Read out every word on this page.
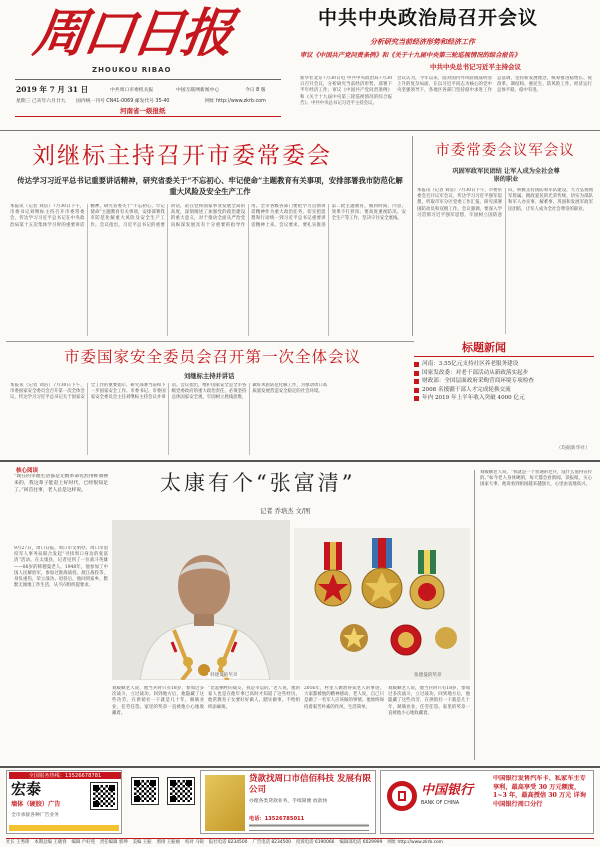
周口日报
ZHOUKOU RIBAO
2019 年 7 月 31 日	中共周口市委机关报	中国互联网新闻中心	今日 8 版
星期三 己亥年六月廿九 国内统一刊号 CN41-0069 邮发代号 35-40	网址 http://www.zkrb.com
河南省一级报纸
中共中央政治局召开会议
分析研究当前经济形势和经济工作
审议《中国共产党问责条例》和《关于十九届中央第三轮巡视情况的综合报告》
中共中央总书记习近平主持会议
新华社北京7月30日电 中共中央政治局7月30日召开会议，分析研究当前经济形势，部署下半年经济工作；审议《中国共产党问责条例》和《关于十九届中央第三轮巡视情况的综合报告》。中共中央总书记习近平主持会议。
会议认为，今年以来，面对国内外风险挑战明显上升的复杂局面，在以习近平同志为核心的党中央坚强领导下，各地区各部门坚持稳中求进工作总基调，坚持新发展理念，统筹推进稳增长、促改革、调结构、惠民生、防风险工作，经济运行总体平稳、稳中有进。
刘继标主持召开市委常委会
传达学习习近平总书记重要讲话精神，研究省委关于“不忘初心、牢记使命”主题教育有关事项，安排部署我市防范化解重大风险及安全生产工作
本报讯（记者 刘洁）7月30日下午，市委书记刘继标主持召开市委常委会，传达学习习近平总书记在中央政治局第十五次集体学习时的重要讲话精神，研究省委关于“不忘初心、牢记使命”主题教育有关事项，安排部署我市防范化解重大风险及安全生产工作。会议指出，习近平总书记的重要讲话，站在党和国家事业发展全局的高度，深刻阐述了加强党的政治建设的重大意义，对于推动全面从严治党向纵深发展具有十分重要的指导作用。全市各级各部门要把学习贯彻讲话精神作为重大政治任务，切实把思想和行动统一到习近平总书记重要讲话精神上来。会议要求，要扎实推进第二批主题教育，做到时间、内容、效果不打折扣；要高度重视防汛、安全生产等工作，坚决守住安全底线。
市委常委会议军会议
巩固军政军民团结 让军人成为全社会尊崇的职业
本报讯（记者 刘洁）7月30日下午，市委常委会召开议军会议，传达学习习近平强军思想，听取市军分区党委工作汇报，研究部署国防动员和双拥工作。会议强调，要深入学习贯彻习近平强军思想，牢固树立国防意识，积极支持国防和军队建设，大力弘扬拥军优属、拥政爱民的光荣传统，切实为部队和军人办实事、解难事，巩固和发展军政军民团结，让军人成为全社会尊崇的职业。
市委国家安全委员会召开第一次全体会议
刘继标主持并讲话
本报讯（记者 刘洁）7月30日下午，市委国家安全委员会召开第一次全体会议，传达学习习近平总书记关于国家安全工作的重要指示，研究部署当前和下一步国家安全工作。市委书记、市委国家安全委员会主任刘继标主持会议并讲话。会议指出，维护国家安全是全市各级党委政府的重大政治责任，必须坚持总体国家安全观，牢固树立底线思维，做好风险防范化解工作，为推动周口高质量发展营造安全稳定的社会环境。
标题新闻
河南：3.55亿元支持社区养老服务建设
国家发改委：对老干部活动从新政落实起步
财政部：全国层面政府采购营商环境专项检查
2008 名援疆干部人才完成轮换交流
年内 2019 年上半年收入突破 4000 亿元
（均据新华社）
核心阅读
“现在的幸福生活都是无数革命先烈用鲜血换来的，我这辈子能赶上好时代，已经很知足了。”回首往事，老人总是这样说。
9月27日，周口日报、周口市文明办、周口市退役军人事务局联合发起“寻找周口身边的张富清”活动。在太康县，记者见到了一位战斗英雄——86岁的韩德曼老人。1948年，他参加了中国人民解放军，参加过淮海战役、渡江战役等，身负重伤，荣立战功。退役后，他回到家乡，默默无闻地工作生活，从不向组织提要求。
太康有个“张富清”
记者 乔培杰 文/图
韩德曼的奖章	张德曼的奖章
刘殿顺老人说，他当兵时只有18岁，参加过多次战斗，立过战功。回到地方后，他隐藏了这些功劳，在供销社一干就是几十年，兢兢业业，任劳任怨。家里的奖章一直被他小心地收藏着。
“比起牺牲的战友，我是幸运的。”老人说，他的家人也是在他年事已高时才知道了这些经历。他常教育子女要好好做人、踏实做事，不给组织添麻烦。
2016年，村里人偶然得知老人的事迹，大家都被他的精神感动。老人说，自己只是做了一名军人应该做的事情。他始终保持着艰苦朴素的作风，生活简单。
刘殿顺老人说，他当兵时只有18岁，参加过多次战斗，立过战功。回到地方后，他隐藏了这些功劳，在供销社一干就是几十年，兢兢业业，任劳任怨。家里的奖章一直被他小心地收藏着。
刘殿顺老人说，“我就是一个普通的老兵，没什么值得宣传的。”如今老人身体硬朗，每天都会看新闻、读报纸，关心国家大事，他说看到祖国越来越强大，心里由衷地高兴。
全国服务热线：13526678781
宏泰
墙体（硬胶）广告
全市承接各种广告业务
贷款找周口市信佰科技 发展有限公司
办理各类贷款业务，手续简便 放款快
电话：13526785011
中国银行
BANK OF CHINA
中国银行发售汽车卡、私家车主专享利，最高享受 30 万元额度，1~3 年，最高授信 30 万元 详询中国银行周口分行
社长 王秀锋 本期总编 王晓春 编辑 卢好苑 责任编辑 郭坤 美编 王振 照排 王振丽 校对 马锐 报社电话 8234500 广告电话 8234500 投诉电话 6190066 编辑部电话 6029999 网址 http://www.zkrb.com
